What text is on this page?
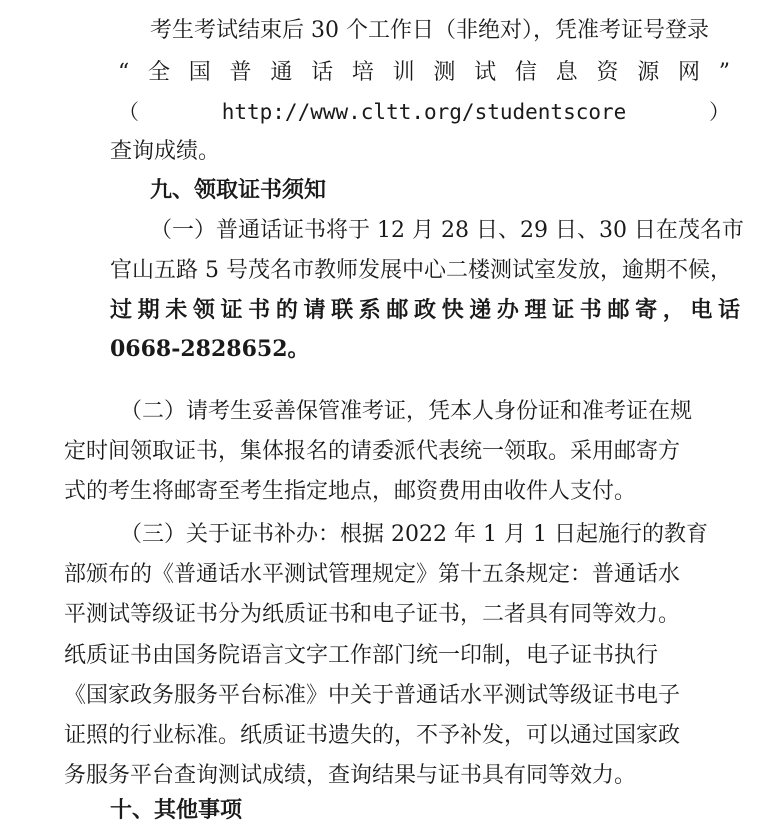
考生考试结束后 30 个工作日（非绝对），凭准考证号登录
“全国普通话培训测试信息资源网”
（http://www.cltt.org/studentscore）
查询成绩。
九、领取证书须知
（一）普通话证书将于 12 月 28 日、29 日、30 日在茂名市
官山五路 5 号茂名市教师发展中心二楼测试室发放，逾期不候，
过期未领证书的请联系邮政快递办理证书邮寄，电话
0668-2828652。
（二）请考生妥善保管准考证，凭本人身份证和准考证在规
定时间领取证书，集体报名的请委派代表统一领取。采用邮寄方
式的考生将邮寄至考生指定地点，邮资费用由收件人支付。
（三）关于证书补办：根据 2022 年 1 月 1 日起施行的教育
部颁布的《普通话水平测试管理规定》第十五条规定：普通话水
平测试等级证书分为纸质证书和电子证书，二者具有同等效力。
纸质证书由国务院语言文字工作部门统一印制，电子证书执行
《国家政务服务平台标准》中关于普通话水平测试等级证书电子
证照的行业标准。纸质证书遗失的，不予补发，可以通过国家政
务服务平台查询测试成绩，查询结果与证书具有同等效力。
十、其他事项
